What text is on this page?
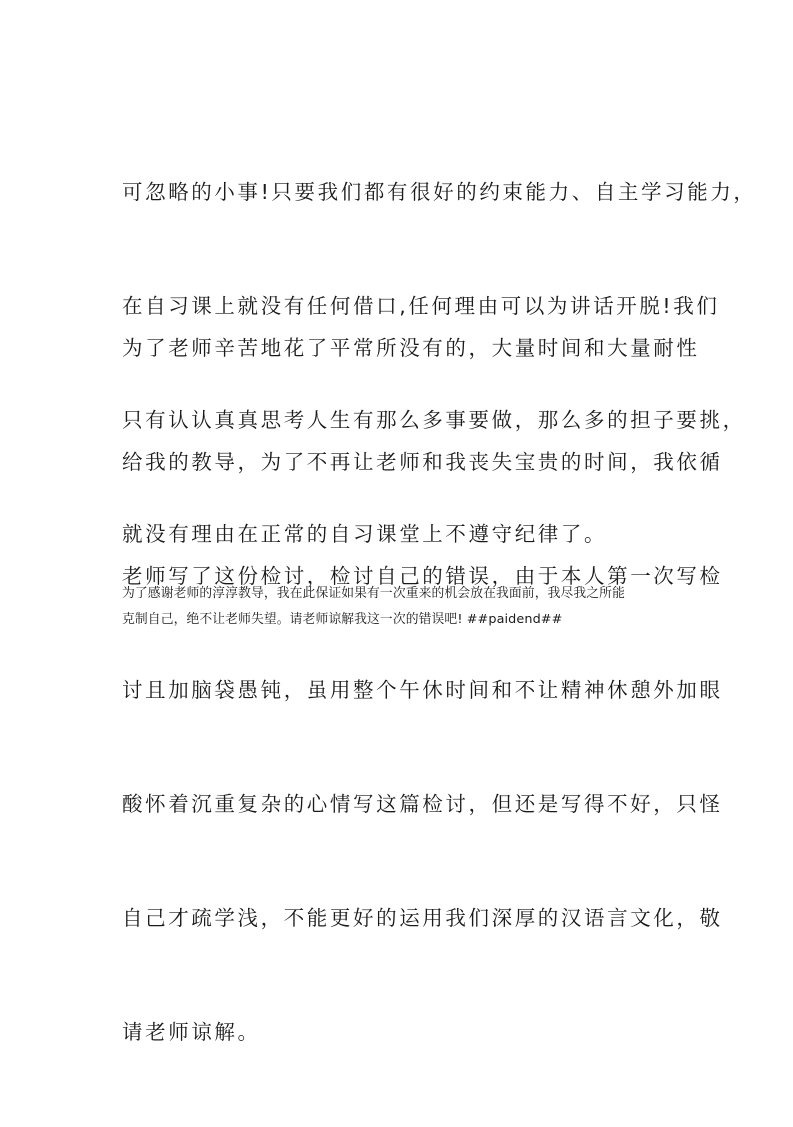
可忽略的小事!只要我们都有很好的约束能力、自主学习能力，

在自习课上就没有任何借口,任何理由可以为讲话开脱!我们

只有认认真真思考人生有那么多事要做，那么多的担子要挑，

就没有理由在正常的自习课堂上不遵守纪律了。

为了老师辛苦地花了平常所没有的，大量时间和大量耐性

给我的教导，为了不再让老师和我丧失宝贵的时间，我依循

老师写了这份检讨，检讨自己的错误，由于本人第一次写检

讨且加脑袋愚钝，虽用整个午休时间和不让精神休憩外加眼

酸怀着沉重复杂的心情写这篇检讨，但还是写得不好，只怪

自己才疏学浅，不能更好的运用我们深厚的汉语言文化，敬

请老师谅解。

为了感谢老师的淳淳教导，我在此保证如果有一次重来的机会放在我面前，我尽我之所能
克制自己，绝不让老师失望。请老师谅解我这一次的错误吧! ##paidend##
